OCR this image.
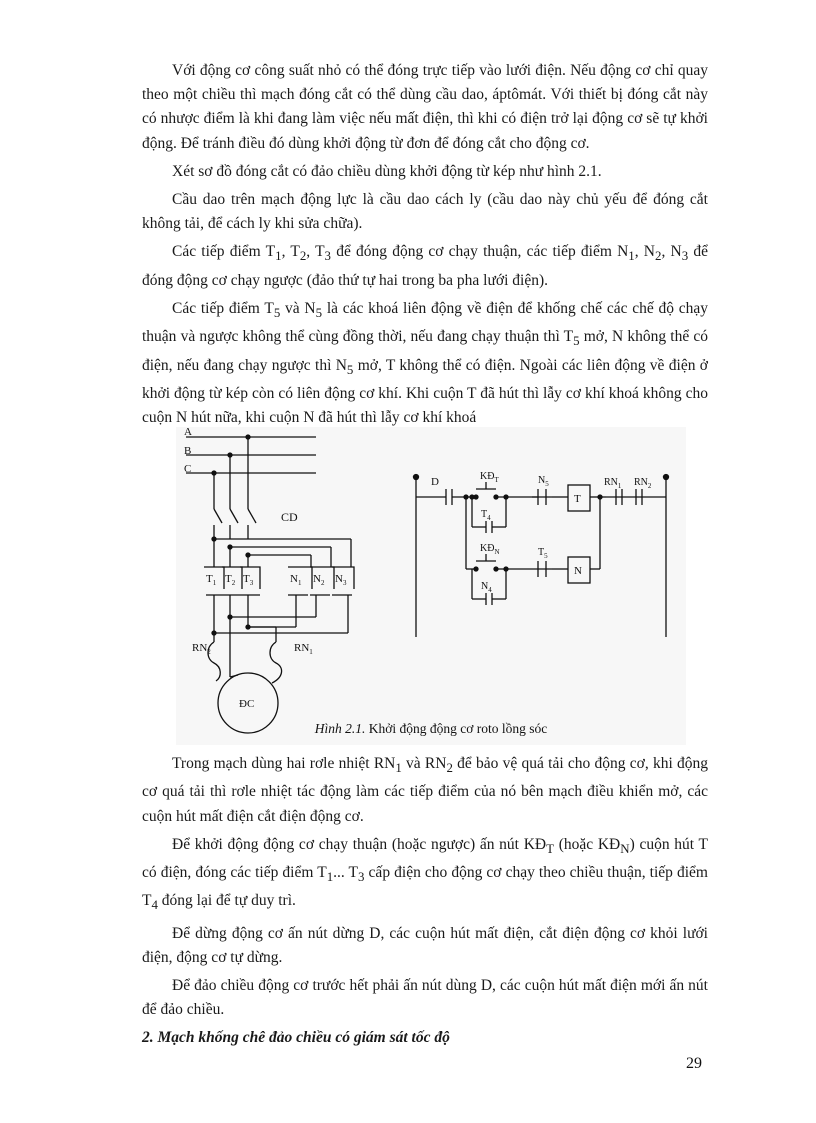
Với động cơ công suất nhỏ có thể đóng trực tiếp vào lưới điện. Nếu động cơ chỉ quay theo một chiều thì mạch đóng cắt có thể dùng cầu dao, áptômát. Với thiết bị đóng cắt này có nhược điểm là khi đang làm việc nếu mất điện, thì khi có điện trở lại động cơ sẽ tự khởi động. Để tránh điều đó dùng khởi động từ đơn để đóng cắt cho động cơ.

Xét sơ đồ đóng cắt có đảo chiều dùng khởi động từ kép như hình 2.1.

Cầu dao trên mạch động lực là cầu dao cách ly (cầu dao này chủ yếu để đóng cắt không tải, để cách ly khi sửa chữa).

Các tiếp điểm $T_1$, $T_2$, $T_3$ để đóng động cơ chạy thuận, các tiếp điểm $N_1$, $N_2$, $N_3$ để đóng động cơ chạy ngược (đảo thứ tự hai trong ba pha lưới điện).

Các tiếp điểm $T_5$ và $N_5$ là các khoá liên động về điện để khống chế các chế độ chạy thuận và ngược không thể cùng đồng thời, nếu đang chạy thuận thì $T_5$ mở, N không thể có điện, nếu đang chạy ngược thì $N_5$ mở, T không thể có điện. Ngoài các liên động về điện ở khởi động từ kép còn có liên động cơ khí. Khi cuộn T đã hút thì lẫy cơ khí khoá không cho cuộn N hút nữa, khi cuộn N đã hút thì lẫy cơ khí khoá

A
B
C
CD
$T_1$ $T_2$ $T_3$	$N_1$ $N_2$ $N_3$
$RN_2$	$RN_1$
ĐC
D	$KĐ_T$	$N_5$
T
$RN_1$ $RN_2$
$T_4$
$KĐ_N$	$T_5$
N
$N_4$
Hình 2.1. Khởi động động cơ roto lồng sóc

Trong mạch dùng hai rơle nhiệt $RN_1$ và $RN_2$ để bảo vệ quá tải cho động cơ, khi động cơ quá tải thì rơle nhiệt tác động làm các tiếp điểm của nó bên mạch điều khiển mở, các cuộn hút mất điện cắt điện động cơ.

Để khởi động động cơ chạy thuận (hoặc ngược) ấn nút $KĐ_T$ (hoặc $KĐ_N$) cuộn hút T có điện, đóng các tiếp điểm $T_1$... $T_3$ cấp điện cho động cơ chạy theo chiều thuận, tiếp điểm $T_4$ đóng lại để tự duy trì.

Để dừng động cơ ấn nút dừng D, các cuộn hút mất điện, cắt điện động cơ khỏi lưới điện, động cơ tự dừng.

Để đảo chiều động cơ trước hết phải ấn nút dùng D, các cuộn hút mất điện mới ấn nút để đảo chiều.

2. Mạch khống chê đảo chiều có giám sát tốc độ

29
